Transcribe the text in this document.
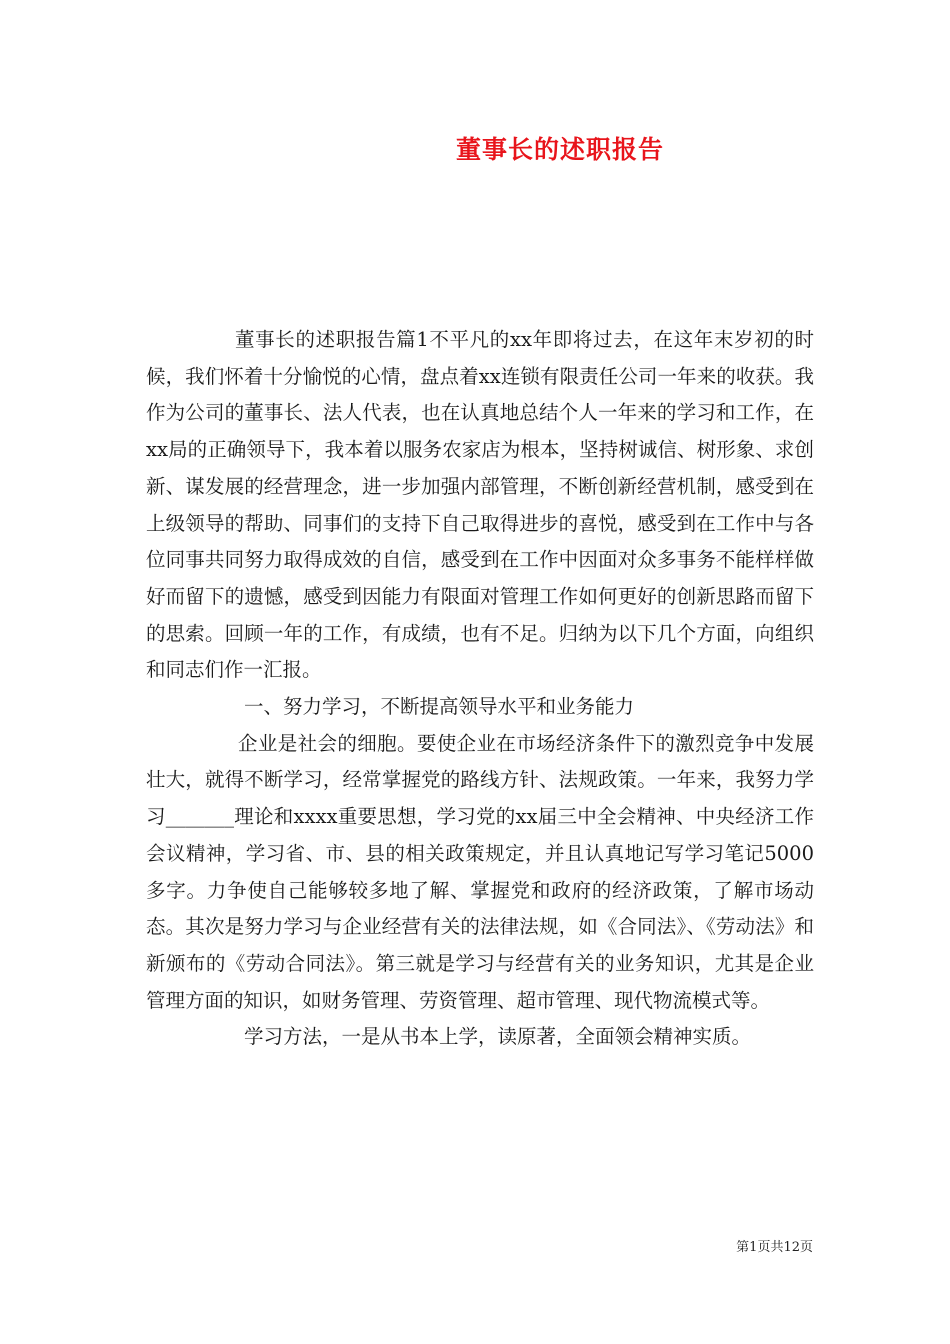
董事长的述职报告

董事长的述职报告篇1不平凡的xx年即将过去，在这年末岁初的时候，我们怀着十分愉悦的心情，盘点着xx连锁有限责任公司一年来的收获。我作为公司的董事长、法人代表，也在认真地总结个人一年来的学习和工作，在xx局的正确领导下，我本着以服务农家店为根本，坚持树诚信、树形象、求创新、谋发展的经营理念，进一步加强内部管理，不断创新经营机制，感受到在上级领导的帮助、同事们的支持下自己取得进步的喜悦，感受到在工作中与各位同事共同努力取得成效的自信，感受到在工作中因面对众多事务不能样样做好而留下的遗憾，感受到因能力有限面对管理工作如何更好的创新思路而留下的思索。回顾一年的工作，有成绩，也有不足。归纳为以下几个方面，向组织和同志们作一汇报。

一、努力学习，不断提高领导水平和业务能力

企业是社会的细胞。要使企业在市场经济条件下的激烈竞争中发展壮大，就得不断学习，经常掌握党的路线方针、法规政策。一年来，我努力学习_______理论和xxxx重要思想，学习党的xx届三中全会精神、中央经济工作会议精神，学习省、市、县的相关政策规定，并且认真地记写学习笔记5000多字。力争使自己能够较多地了解、掌握党和政府的经济政策，了解市场动态。其次是努力学习与企业经营有关的法律法规，如《合同法》、《劳动法》和新颁布的《劳动合同法》。第三就是学习与经营有关的业务知识，尤其是企业管理方面的知识，如财务管理、劳资管理、超市管理、现代物流模式等。

学习方法，一是从书本上学，读原著，全面领会精神实质。

第1页共12页
